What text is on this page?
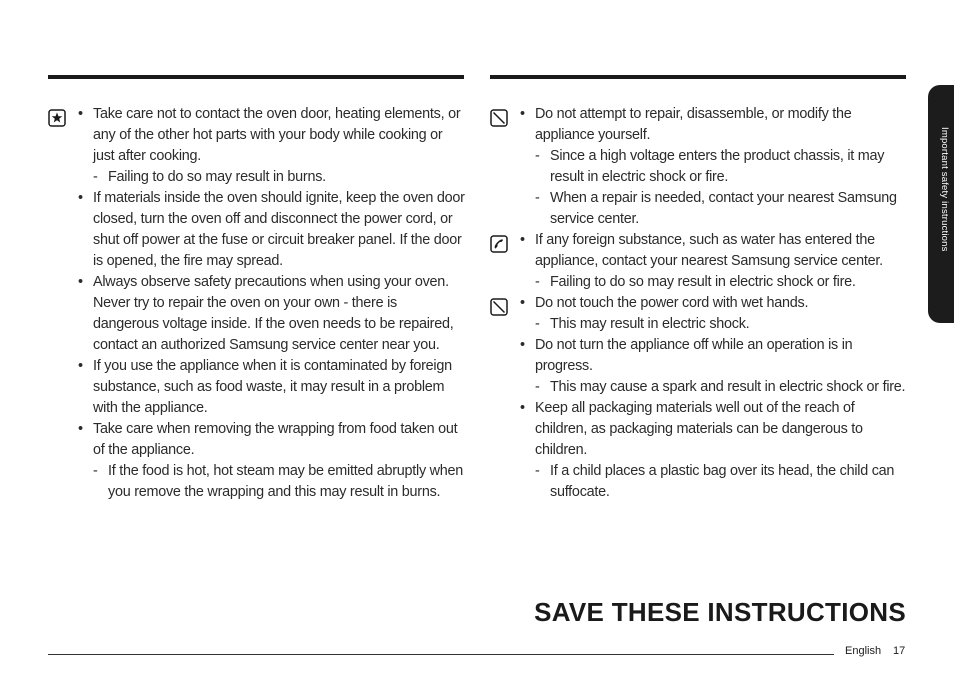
• Take care not to contact the oven door, heating elements, or any of the other hot parts with your body while cooking or just after cooking.
- Failing to do so may result in burns.
• If materials inside the oven should ignite, keep the oven door closed, turn the oven off and disconnect the power cord, or shut off power at the fuse or circuit breaker panel. If the door is opened, the fire may spread.
• Always observe safety precautions when using your oven. Never try to repair the oven on your own - there is dangerous voltage inside. If the oven needs to be repaired, contact an authorized Samsung service center near you.
• If you use the appliance when it is contaminated by foreign substance, such as food waste, it may result in a problem with the appliance.
• Take care when removing the wrapping from food taken out of the appliance.
- If the food is hot, hot steam may be emitted abruptly when you remove the wrapping and this may result in burns.
• Do not attempt to repair, disassemble, or modify the appliance yourself.
- Since a high voltage enters the product chassis, it may result in electric shock or fire.
- When a repair is needed, contact your nearest Samsung service center.
• If any foreign substance, such as water has entered the appliance, contact your nearest Samsung service center.
- Failing to do so may result in electric shock or fire.
• Do not touch the power cord with wet hands.
- This may result in electric shock.
• Do not turn the appliance off while an operation is in progress.
- This may cause a spark and result in electric shock or fire.
• Keep all packaging materials well out of the reach of children, as packaging materials can be dangerous to children.
- If a child places a plastic bag over its head, the child can suffocate.
Important safety instructions
SAVE THESE INSTRUCTIONS
English 17
